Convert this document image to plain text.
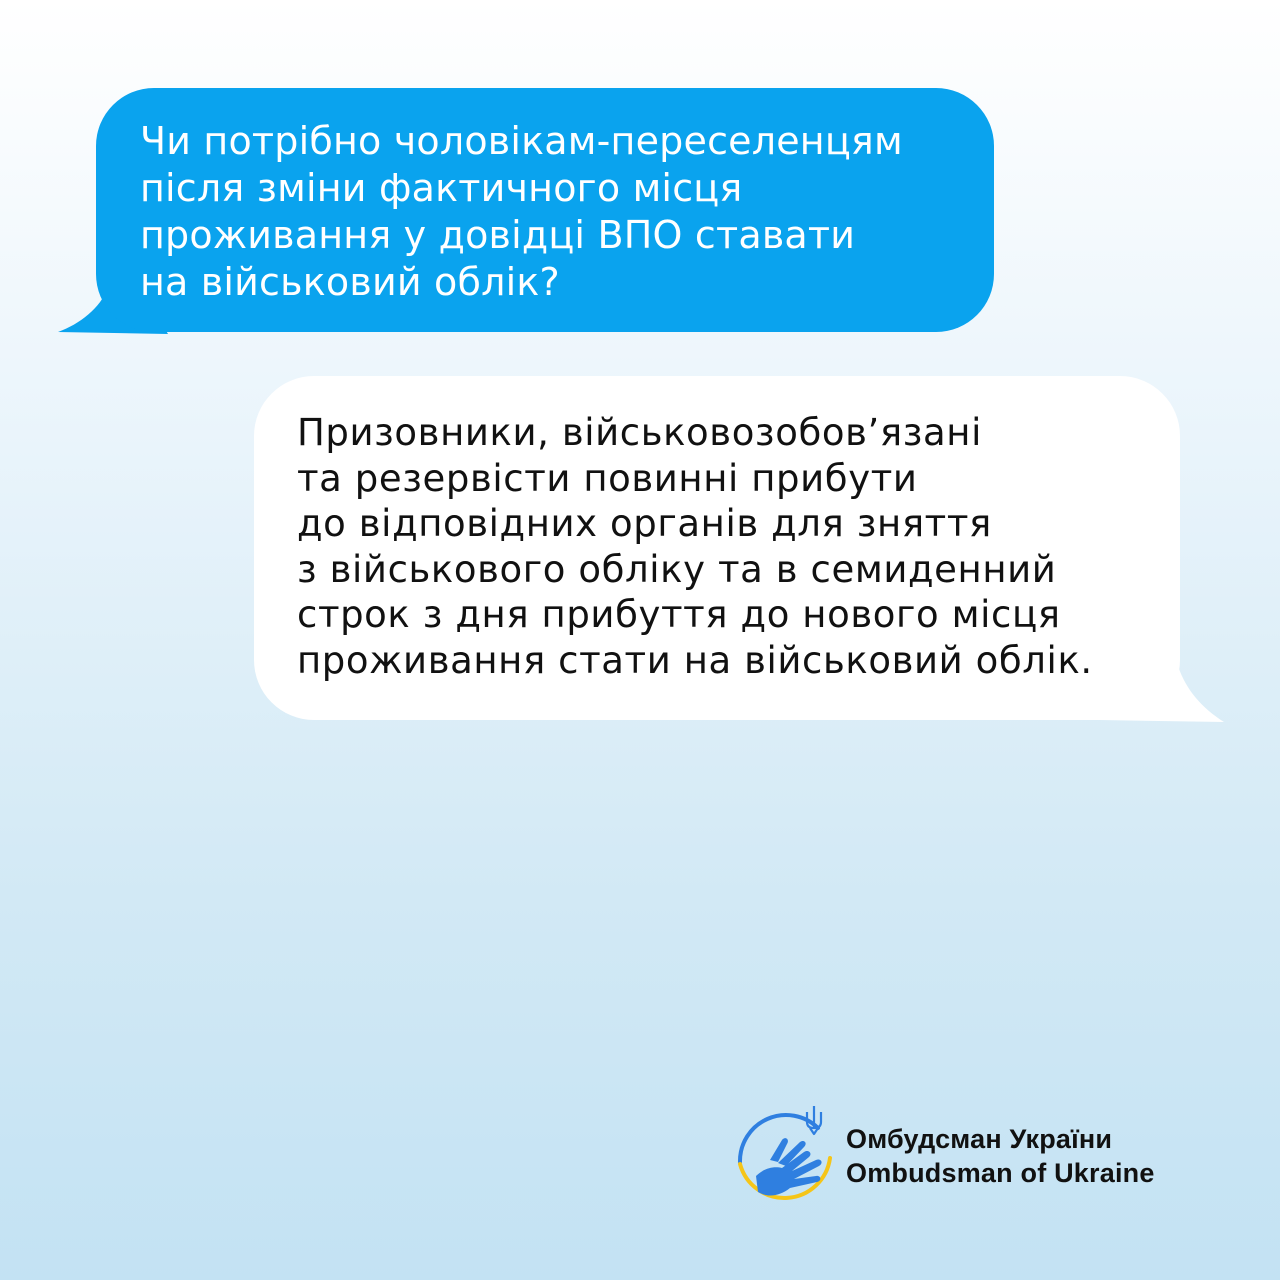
Чи потрібно чоловікам-переселенцям
після зміни фактичного місця
проживання у довідці ВПО ставати
на військовий облік?

Призовники, військовозобов’язані
та резервісти повинні прибути
до відповідних органів для зняття
з військового обліку та в семиденний
строк з дня прибуття до нового місця
проживання стати на військовий облік.

Омбудсман України
Ombudsman of Ukraine
